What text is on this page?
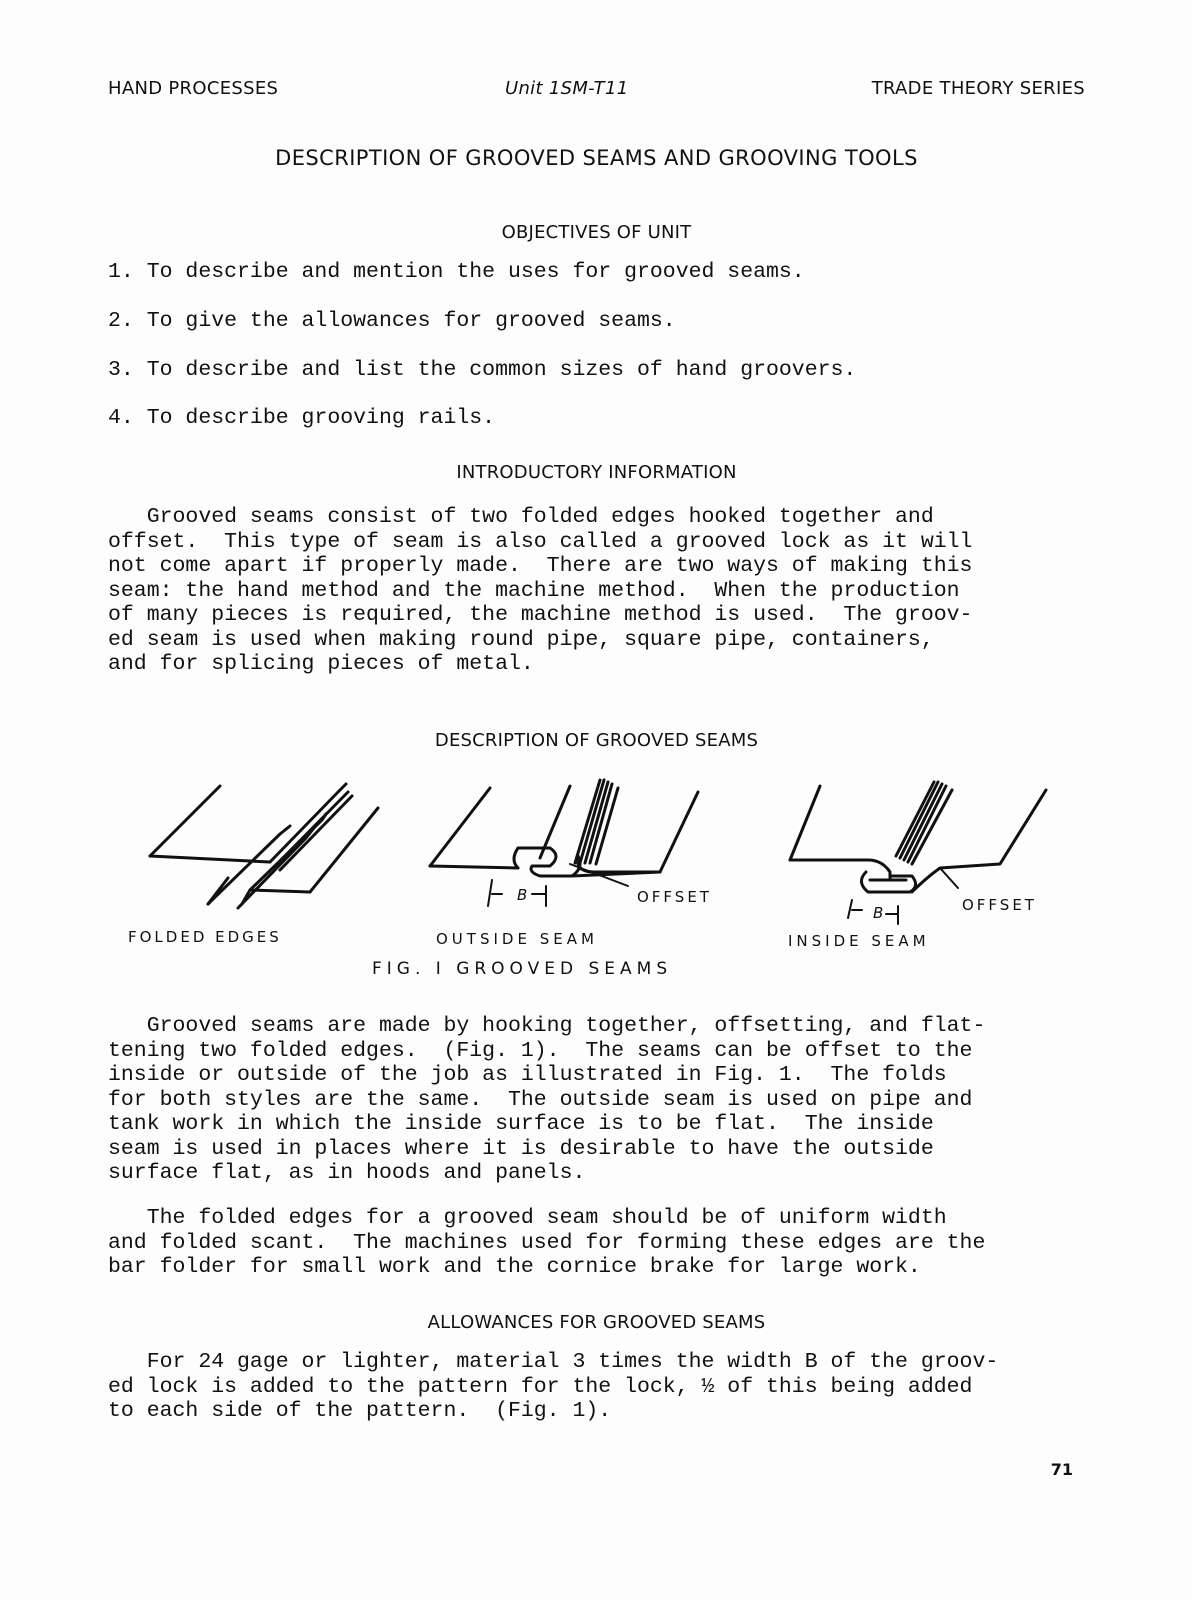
HAND PROCESSES	Unit 1SM-T11	TRADE THEORY SERIES
DESCRIPTION OF GROOVED SEAMS AND GROOVING TOOLS
OBJECTIVES OF UNIT
1. To describe and mention the uses for grooved seams.
2. To give the allowances for grooved seams.
3. To describe and list the common sizes of hand groovers.
4. To describe grooving rails.
INTRODUCTORY INFORMATION

Grooved seams consist of two folded edges hooked together and
offset.  This type of seam is also called a grooved lock as it will
not come apart if properly made.  There are two ways of making this
seam: the hand method and the machine method.  When the production
of many pieces is required, the machine method is used.  The groov-
ed seam is used when making round pipe, square pipe, containers,
and for splicing pieces of metal.

DESCRIPTION OF GROOVED SEAMS
B
B
OFFSET	OFFSET
FOLDED EDGES	OUTSIDE SEAM	INSIDE SEAM
FIG. I GROOVED SEAMS

Grooved seams are made by hooking together, offsetting, and flat-
tening two folded edges.  (Fig. 1).  The seams can be offset to the
inside or outside of the job as illustrated in Fig. 1.  The folds
for both styles are the same.  The outside seam is used on pipe and
tank work in which the inside surface is to be flat.  The inside
seam is used in places where it is desirable to have the outside
surface flat, as in hoods and panels.

The folded edges for a grooved seam should be of uniform width
and folded scant.  The machines used for forming these edges are the
bar folder for small work and the cornice brake for large work.

ALLOWANCES FOR GROOVED SEAMS

For 24 gage or lighter, material 3 times the width B of the groov-
ed lock is added to the pattern for the lock, ½ of this being added
to each side of the pattern.  (Fig. 1).

71
